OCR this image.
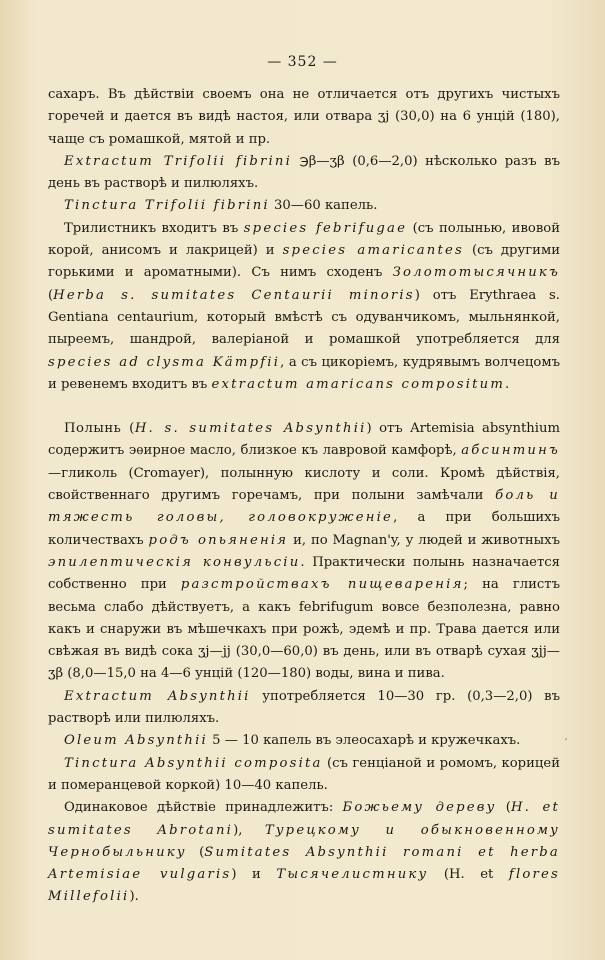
— 352 —

сахаръ. Въ дѣйствіи своемъ она не отличается отъ другихъ чистыхъ горечей и дается въ видѣ настоя, или отвара ʒj (30,0) на 6 унцій (180), чаще съ ромашкой, мятой и пр.

Extractum Trifolii fibrini ℈β—ʒβ (0,6—2,0) нѣсколько разъ въ день въ растворѣ и пилюляхъ.

Tinctura Trifolii fibrini 30—60 капель.

Трилистникъ входитъ въ species febrifugae (съ полынью, ивовой корой, анисомъ и лакрицей) и species amaricantes (съ другими горькими и ароматными). Съ нимъ сходенъ Золототысячникъ (Herba s. sumitates Centaurii minoris) отъ Erythraea s. Gentiana centaurium, который вмѣстѣ съ одуванчикомъ, мыльнянкой, пыреемъ, шандрой, валеріаной и ромашкой употребляется для species ad clysma Kämpfii, а съ цикоріемъ, кудрявымъ волчецомъ и ревенемъ входитъ въ extractum amaricans compositum.

Полынь (H. s. sumitates Absynthii) отъ Artemisia absynthium содержитъ эѳирное масло, близкое къ лавровой камфорѣ, абсинтинъ—гликоль (Cromayer), полынную кислоту и соли. Кромѣ дѣйствія, свойственнаго другимъ горечамъ, при полыни замѣчали боль и тяжесть головы, головокруженіе, а при большихъ количествахъ родъ опьяненія и, по Magnan'y, у людей и животныхъ эпилептическія конвульсіи. Практически полынь назначается собственно при разстройствахъ пищеваренія; на глистъ весьма слабо дѣйствуетъ, а какъ febrifugum вовсе безполезна, равно какъ и снаружи въ мѣшечкахъ при рожѣ, эдемѣ и пр. Трава дается или свѣжая въ видѣ сока ʒj—jj (30,0—60,0) въ день, или въ отварѣ сухая ʒjj—ʒβ (8,0—15,0 на 4—6 унцій (120—180) воды, вина и пива.

Extractum Absynthii употребляется 10—30 гр. (0,3—2,0) въ растворѣ или пилюляхъ.

Oleum Absynthii 5 — 10 капель въ элеосахарѣ и кружечкахъ.

Tinctura Absynthii composita (съ генціаной и ромомъ, корицей и померанцевой коркой) 10—40 капель.

Одинаковое дѣйствіе принадлежитъ: Божьему дереву (H. et sumitates Abrotani), Турецкому и обыкновенному Чернобыльнику (Sumitates Absynthii romani et herba Artemisiae vulgaris) и Тысячелистнику (H. et flores Millefolii).

′
